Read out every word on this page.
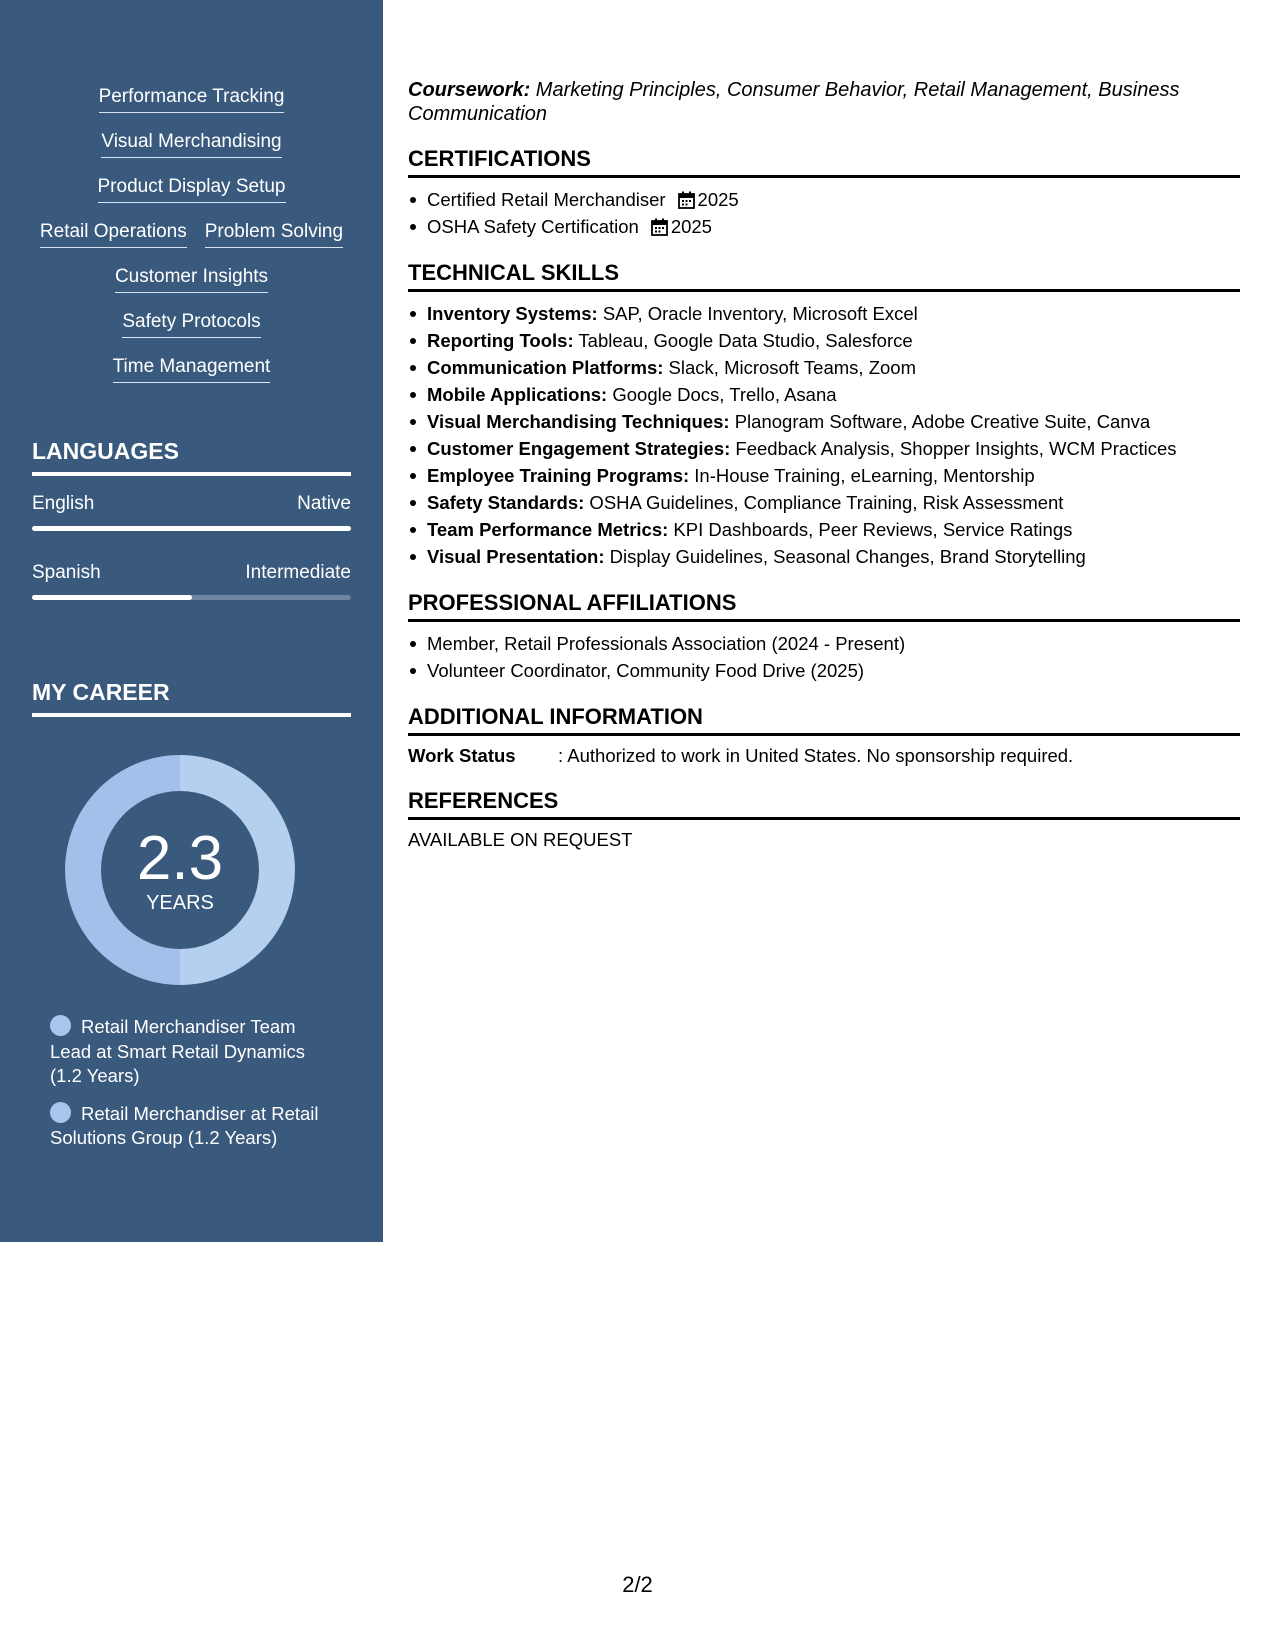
Performance Tracking
Visual Merchandising
Product Display Setup
Retail Operations Problem Solving
Customer Insights
Safety Protocols
Time Management
LANGUAGES
English	Native
Spanish	Intermediate
MY CAREER
2.3
YEARS
Retail Merchandiser Team Lead at Smart Retail Dynamics (1.2 Years)
Retail Merchandiser at Retail Solutions Group (1.2 Years)
Coursework: Marketing Principles, Consumer Behavior, Retail Management, Business Communication
CERTIFICATIONS
Certified Retail Merchandiser 2025
OSHA Safety Certification 2025
TECHNICAL SKILLS
Inventory Systems: SAP, Oracle Inventory, Microsoft Excel
Reporting Tools: Tableau, Google Data Studio, Salesforce
Communication Platforms: Slack, Microsoft Teams, Zoom
Mobile Applications: Google Docs, Trello, Asana
Visual Merchandising Techniques: Planogram Software, Adobe Creative Suite, Canva
Customer Engagement Strategies: Feedback Analysis, Shopper Insights, WCM Practices
Employee Training Programs: In-House Training, eLearning, Mentorship
Safety Standards: OSHA Guidelines, Compliance Training, Risk Assessment
Team Performance Metrics: KPI Dashboards, Peer Reviews, Service Ratings
Visual Presentation: Display Guidelines, Seasonal Changes, Brand Storytelling
PROFESSIONAL AFFILIATIONS
Member, Retail Professionals Association (2024 - Present)
Volunteer Coordinator, Community Food Drive (2025)
ADDITIONAL INFORMATION
Work Status	: Authorized to work in United States. No sponsorship required.
REFERENCES
AVAILABLE ON REQUEST
2/2
